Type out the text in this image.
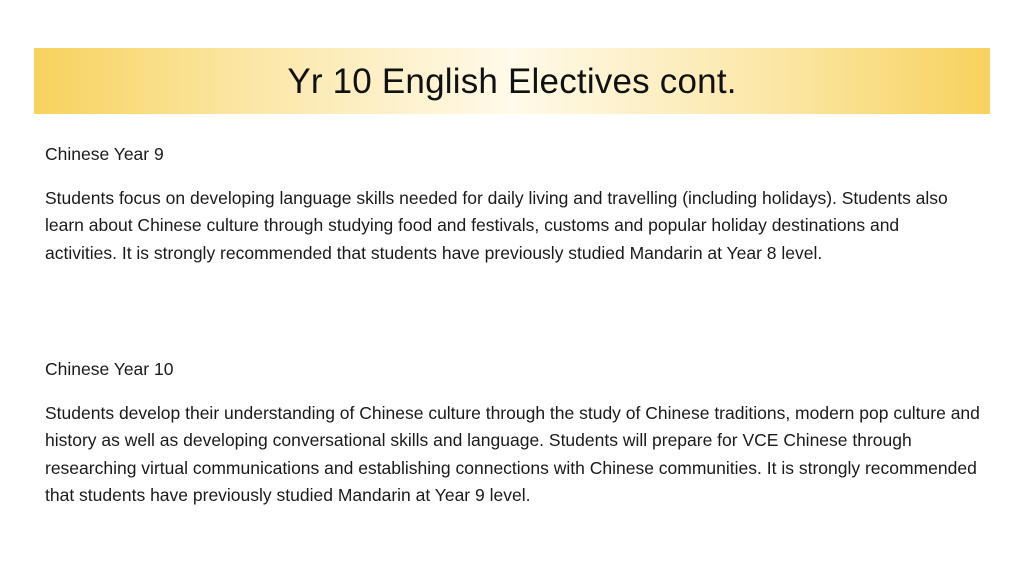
Yr 10 English Electives cont.

Chinese Year 9

Students focus on developing language skills needed for daily living and travelling (including holidays). Students also learn about Chinese culture through studying food and festivals, customs and popular holiday destinations and activities. It is strongly recommended that students have previously studied Mandarin at Year 8 level.

Chinese Year 10

Students develop their understanding of Chinese culture through the study of Chinese traditions, modern pop culture and history as well as developing conversational skills and language. Students will prepare for VCE Chinese through researching virtual communications and establishing connections with Chinese communities. It is strongly recommended that students have previously studied Mandarin at Year 9 level.
